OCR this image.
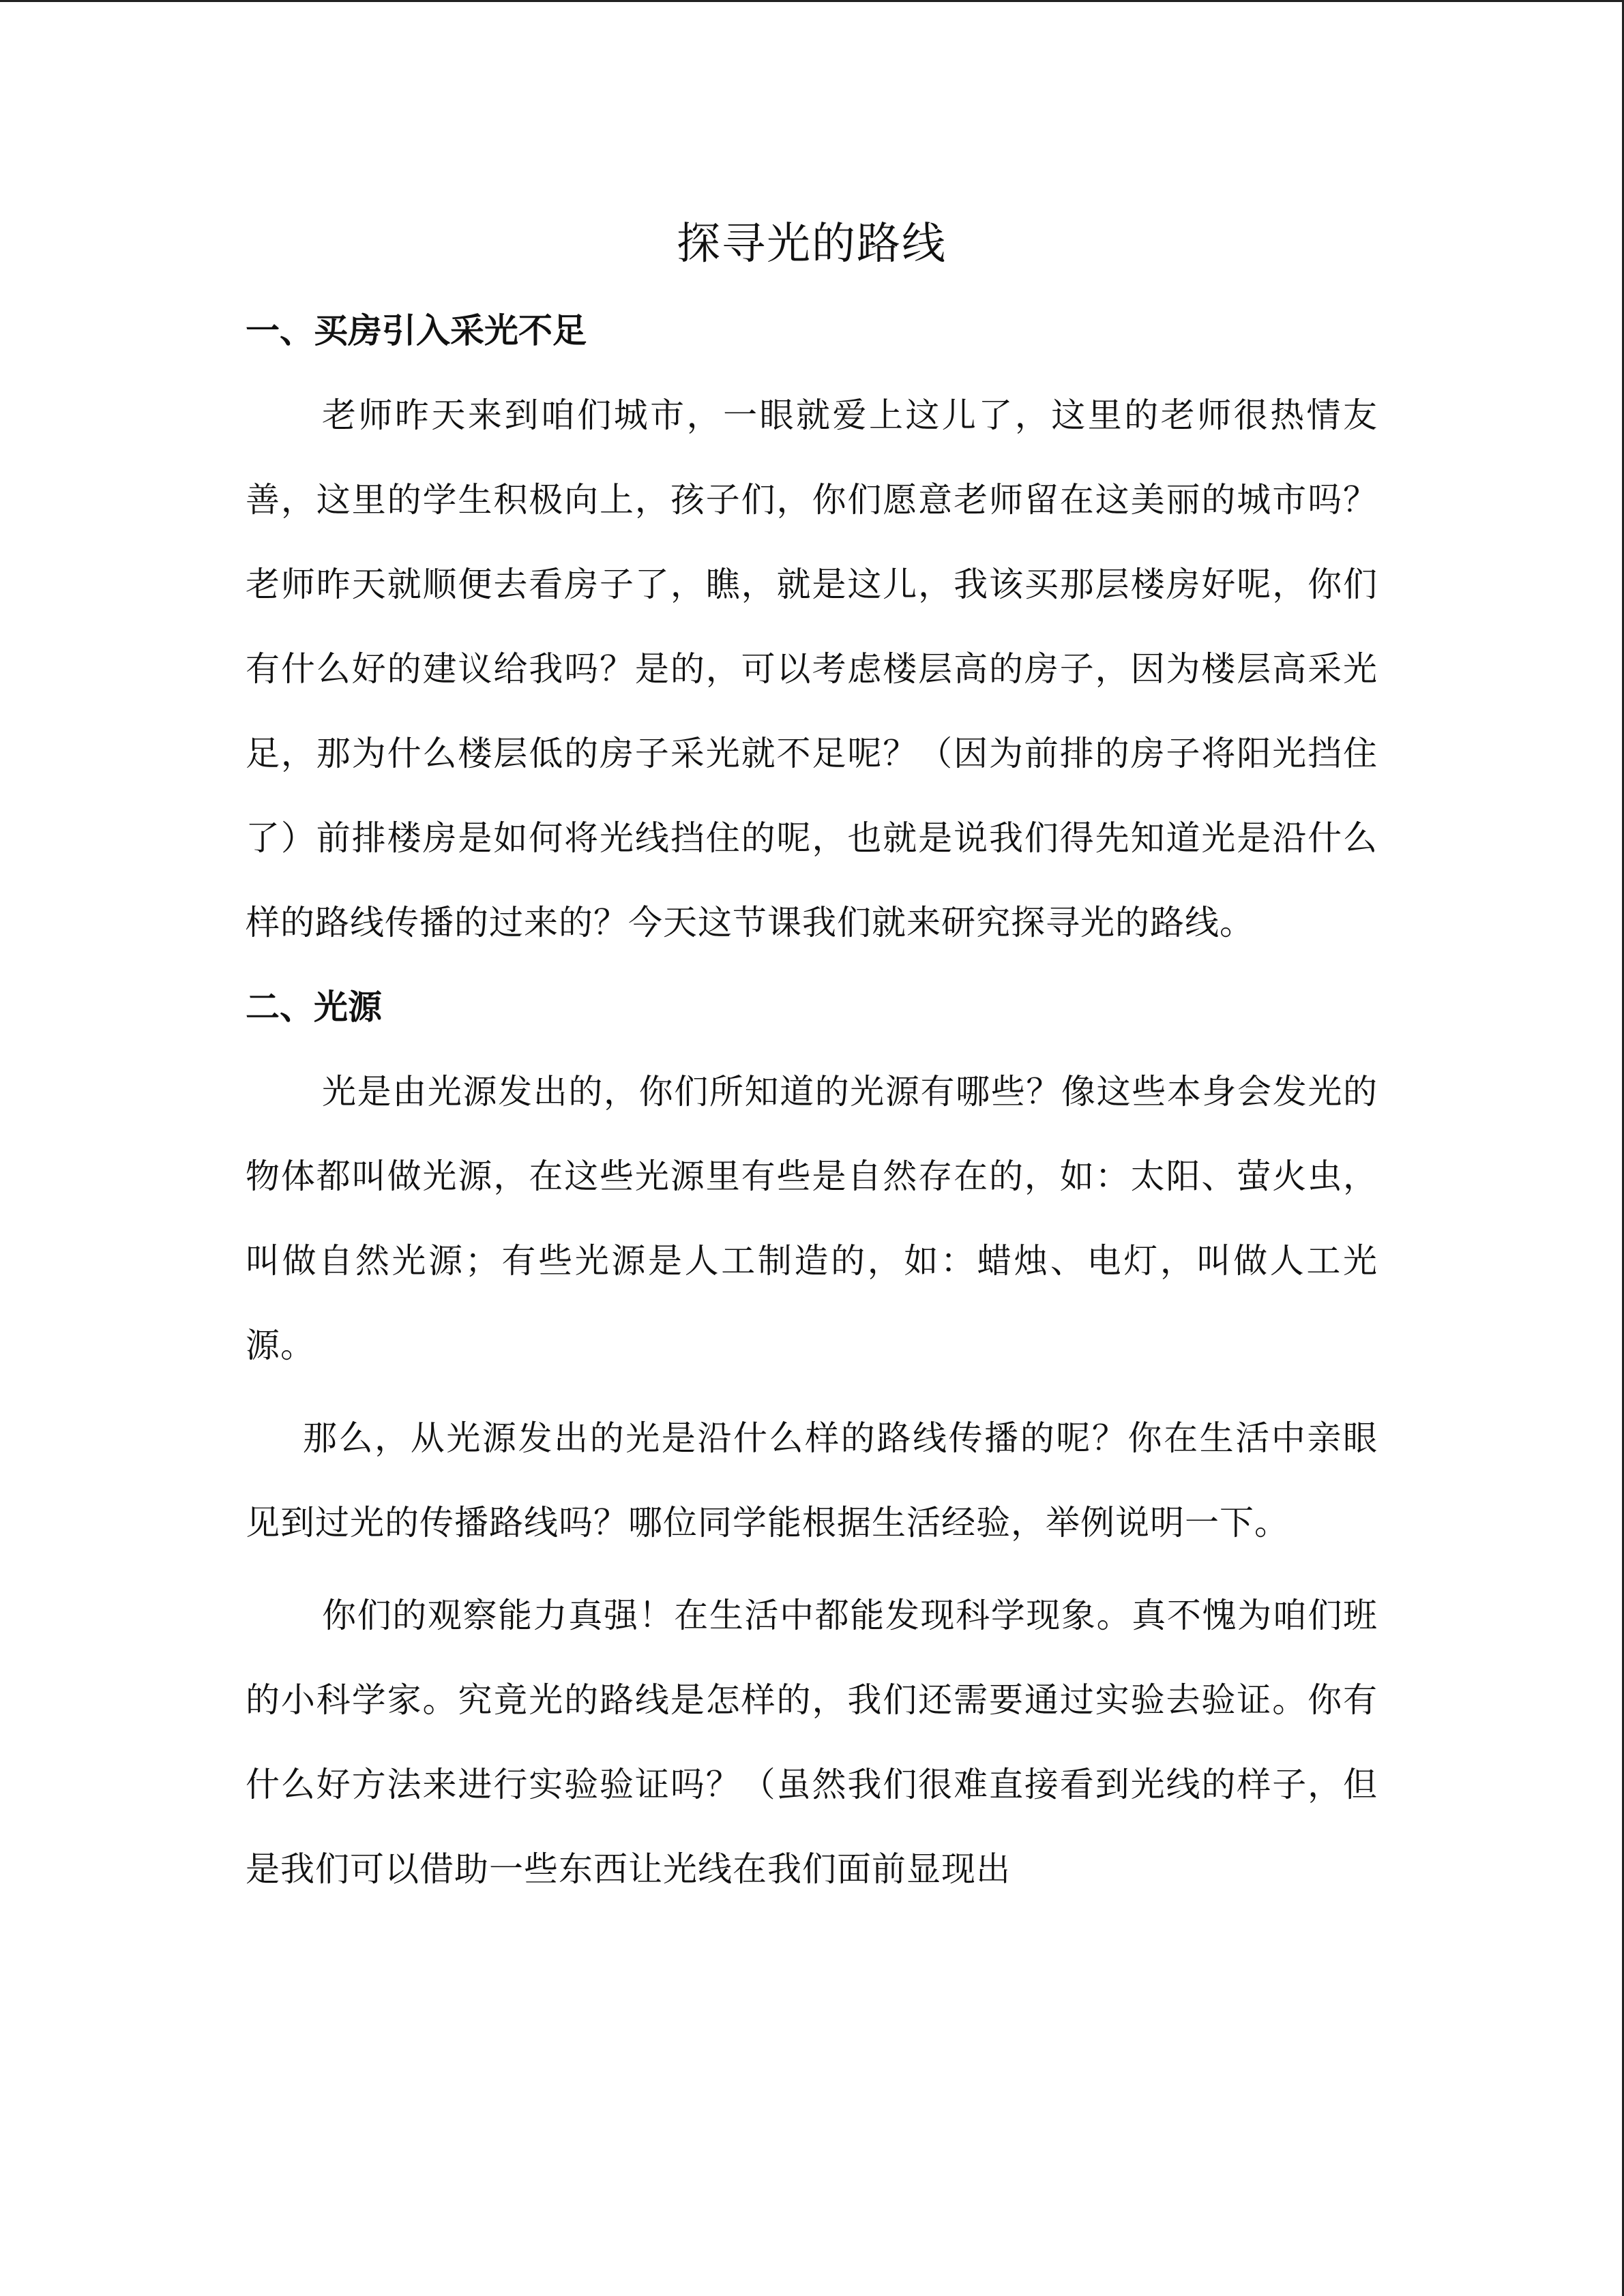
探寻光的路线
一、买房引入采光不足

老师昨天来到咱们城市，一眼就爱上这儿了，这里的老师很热情友善，这里的学生积极向上，孩子们，你们愿意老师留在这美丽的城市吗？老师昨天就顺便去看房子了，瞧，就是这儿，我该买那层楼房好呢，你们有什么好的建议给我吗？是的，可以考虑楼层高的房子，因为楼层高采光足，那为什么楼层低的房子采光就不足呢？（因为前排的房子将阳光挡住了）前排楼房是如何将光线挡住的呢，也就是说我们得先知道光是沿什么样的路线传播的过来的？今天这节课我们就来研究探寻光的路线。

二、光源

光是由光源发出的，你们所知道的光源有哪些？像这些本身会发光的物体都叫做光源，在这些光源里有些是自然存在的，如：太阳、萤火虫，叫做自然光源；有些光源是人工制造的，如：蜡烛、电灯，叫做人工光源。

那么，从光源发出的光是沿什么样的路线传播的呢？你在生活中亲眼见到过光的传播路线吗？哪位同学能根据生活经验，举例说明一下。

你们的观察能力真强！在生活中都能发现科学现象。真不愧为咱们班的小科学家。究竟光的路线是怎样的，我们还需要通过实验去验证。你有什么好方法来进行实验验证吗？（虽然我们很难直接看到光线的样子，但是我们可以借助一些东西让光线在我们面前显现出
